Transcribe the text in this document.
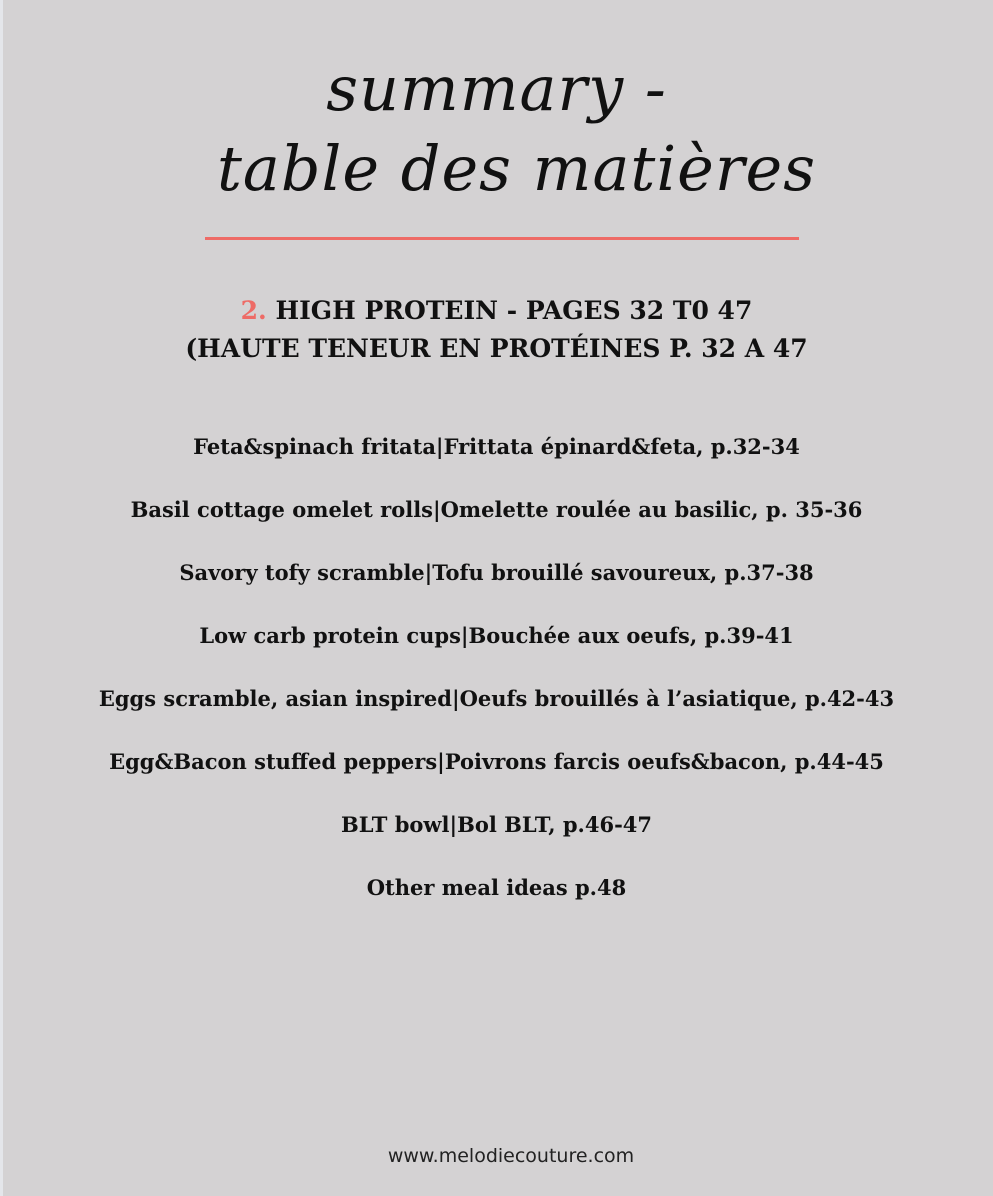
summary -
table des matières
2. HIGH PROTEIN - PAGES 32 T0 47
(HAUTE TENEUR EN PROTÉINES P. 32 A 47
Feta&spinach fritata|Frittata épinard&feta, p.32-34
Basil cottage omelet rolls|Omelette roulée au basilic, p. 35-36
Savory tofy scramble|Tofu brouillé savoureux, p.37-38
Low carb protein cups|Bouchée aux oeufs, p.39-41
Eggs scramble, asian inspired|Oeufs brouillés à l’asiatique, p.42-43
Egg&Bacon stuffed peppers|Poivrons farcis oeufs&bacon, p.44-45
BLT bowl|Bol BLT, p.46-47
Other meal ideas p.48
www.melodiecouture.com
